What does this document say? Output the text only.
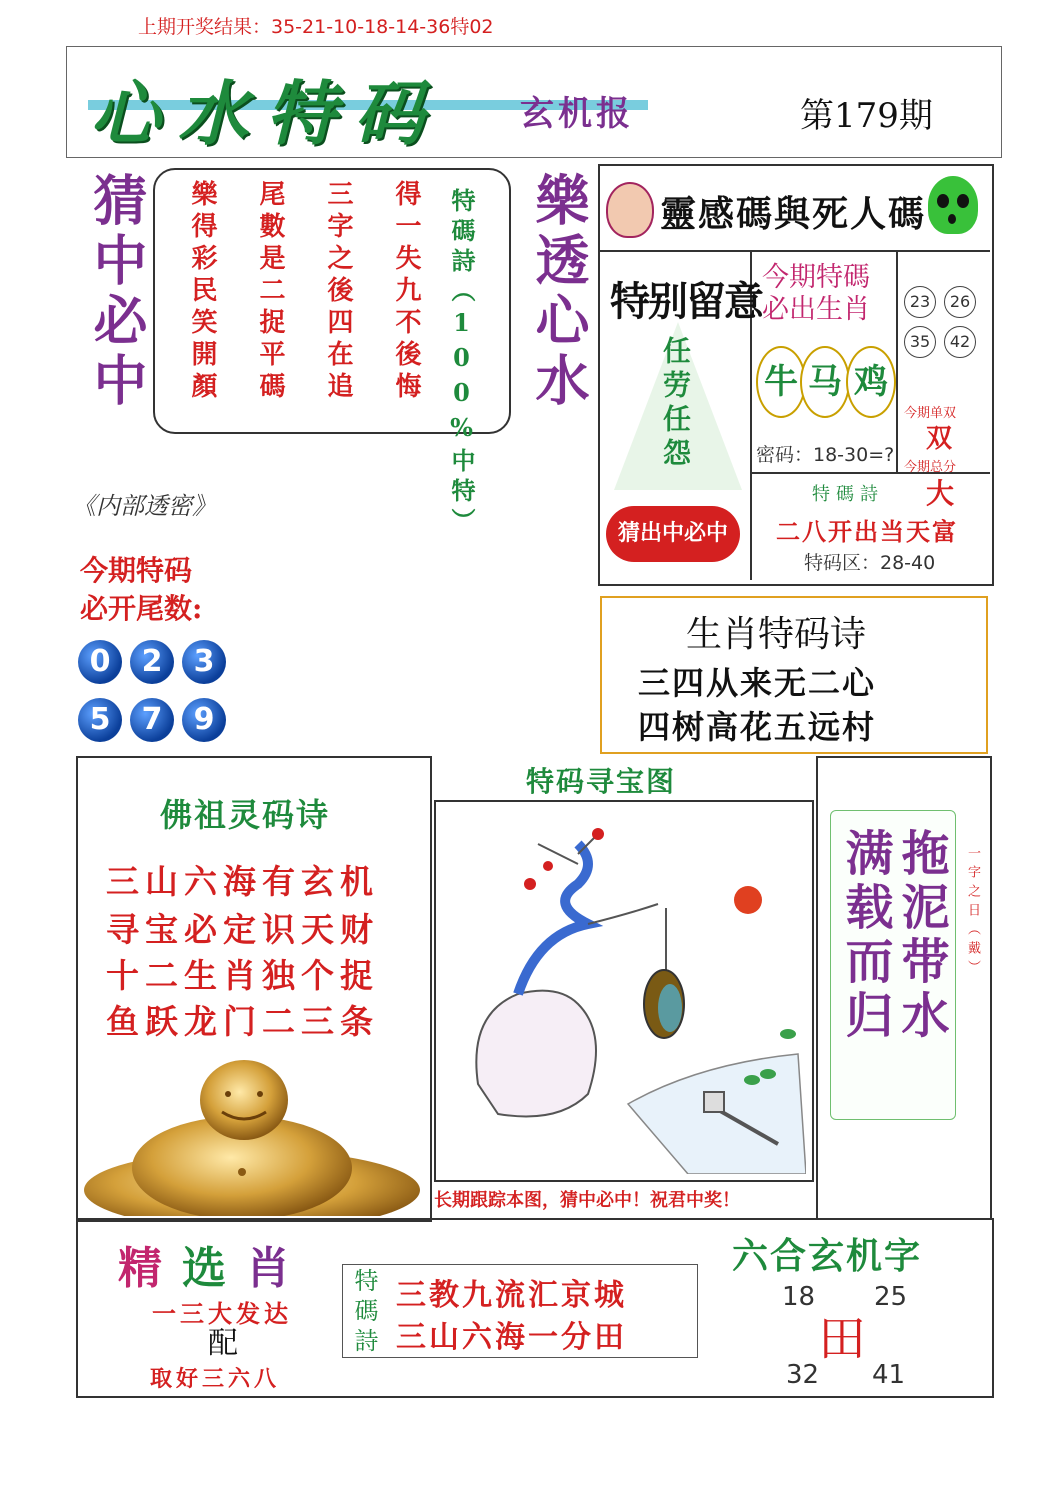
上期开奖结果：35-21-10-18-14-36特02
心水特码 玄机报	第179期
猜中必中 樂得彩民笑開顏 尾數是二捉平碼 三字之後四在追 得一失九不後悔 特碼詩（100%中特） 樂透心水
《内部透密》
今期特码
必开尾数:
0	2	3
5	7	9
靈感碼與死人碼
特别留意
任劳任怨
猜出中必中
今期特碼
必出生肖
牛 马 鸡
密码：18-30=?
23	26
35	42
今期单双
双
今期总分
大
特碼詩
二八开出当天富
特码区：28-40
生肖特码诗
三四从来无二心
四树高花五远村
佛祖灵码诗
三山六海有玄机
寻宝必定识天财
十二生肖独个捉
鱼跃龙门二三条
特码寻宝图
长期跟踪本图，猜中必中！祝君中奖！
拖泥带水
满载而归	一字之日（戴）
精选肖
一三大发达
配
取好三六八
特碼詩 三教九流汇京城
三山六海一分田
六合玄机字
18 25
32 41
田
